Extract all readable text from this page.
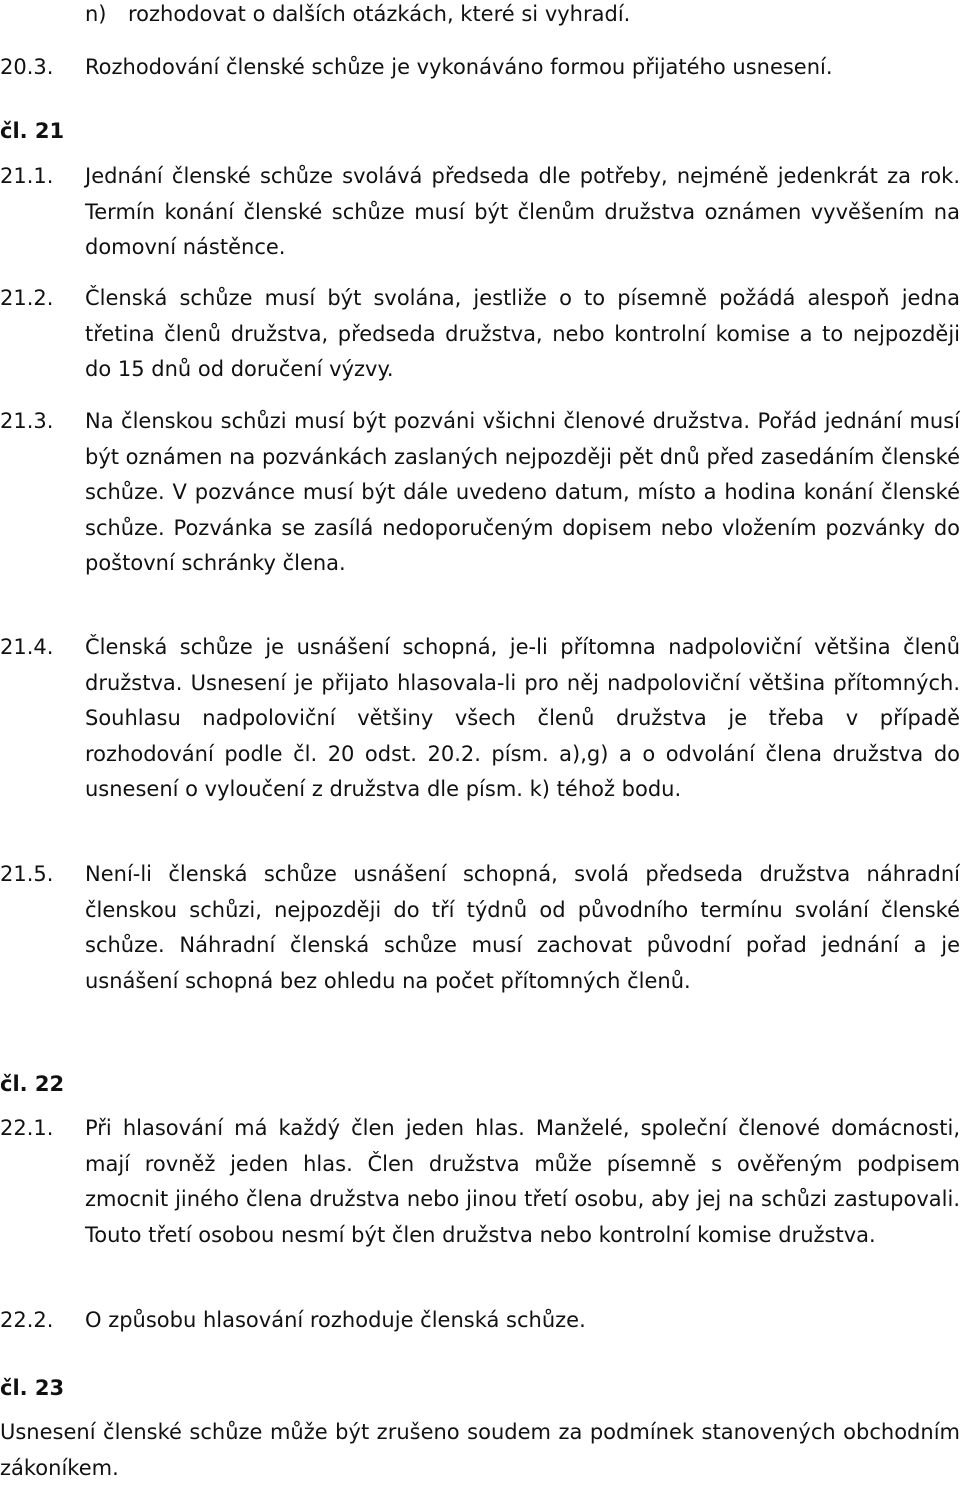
n) rozhodovat o dalších otázkách, které si vyhradí.
20.3. Rozhodování členské schůze je vykonáváno formou přijatého usnesení.
čl. 21
21.1. Jednání členské schůze svolává předseda dle potřeby, nejméně jedenkrát za rok. Termín konání členské schůze musí být členům družstva oznámen vyvěšením na domovní nástěnce.
21.2. Členská schůze musí být svolána, jestliže o to písemně požádá alespoň jedna třetina členů družstva, předseda družstva, nebo kontrolní komise a to nejpozději do 15 dnů od doručení výzvy.
21.3. Na členskou schůzi musí být pozváni všichni členové družstva. Pořád jednání musí být oznámen na pozvánkách zaslaných nejpozději pět dnů před zasedáním členské schůze. V pozvánce musí být dále uvedeno datum, místo a hodina konání členské schůze. Pozvánka se zasílá nedoporučeným dopisem nebo vložením pozvánky do poštovní schránky člena.
21.4. Členská schůze je usnášení schopná, je-li přítomna nadpoloviční většina členů družstva. Usnesení je přijato hlasovala-li pro něj nadpoloviční většina přítomných. Souhlasu nadpoloviční většiny všech členů družstva je třeba v případě rozhodování podle čl. 20 odst. 20.2. písm. a),g) a o odvolání člena družstva do usnesení o vyloučení z družstva dle písm. k) téhož bodu.
21.5. Není-li členská schůze usnášení schopná, svolá předseda družstva náhradní členskou schůzi, nejpozději do tří týdnů od původního termínu svolání členské schůze. Náhradní členská schůze musí zachovat původní pořad jednání a je usnášení schopná bez ohledu na počet přítomných členů.
čl. 22
22.1. Při hlasování má každý člen jeden hlas. Manželé, společní členové domácnosti, mají rovněž jeden hlas. Člen družstva může písemně s ověřeným podpisem zmocnit jiného člena družstva nebo jinou třetí osobu, aby jej na schůzi zastupovali. Touto třetí osobou nesmí být člen družstva nebo kontrolní komise družstva.
22.2. O způsobu hlasování rozhoduje členská schůze.
čl. 23
Usnesení členské schůze může být zrušeno soudem za podmínek stanovených obchodním zákoníkem.
